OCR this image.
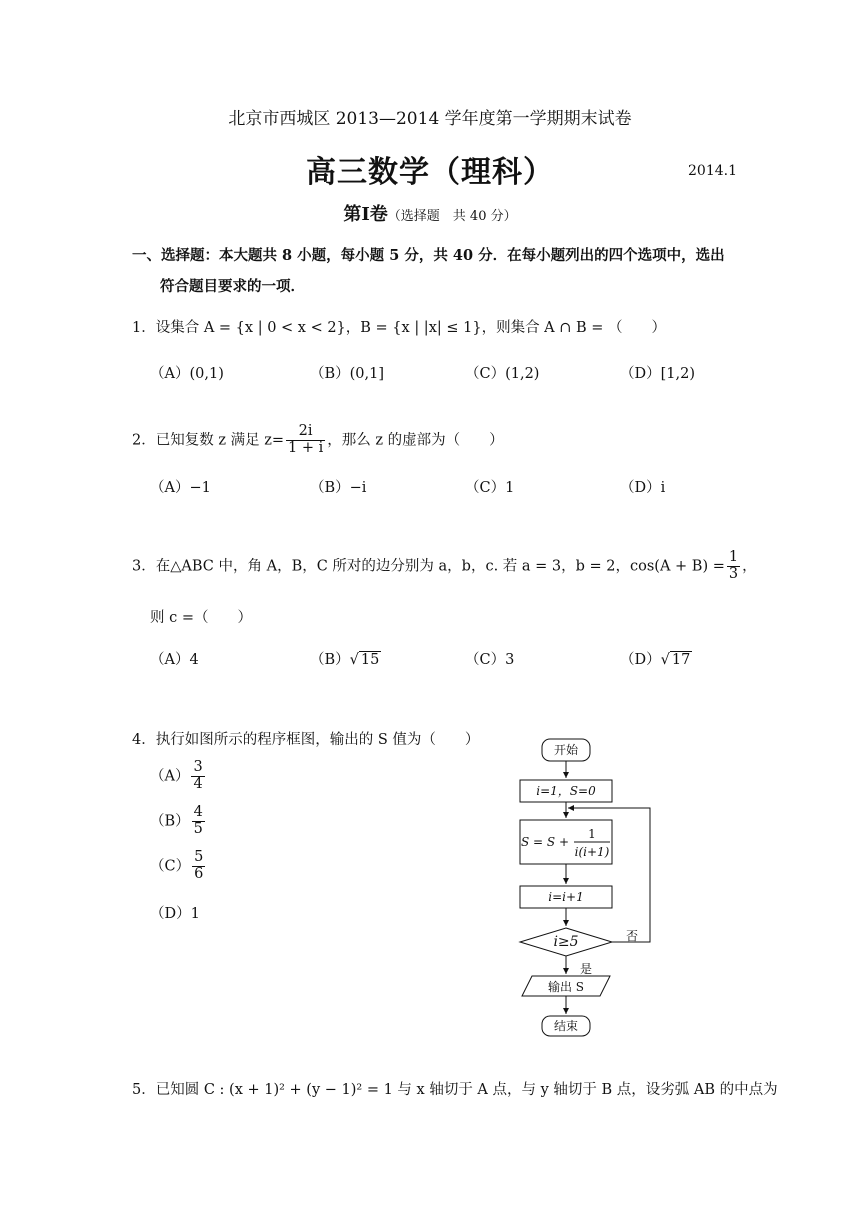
北京市西城区 2013—2014 学年度第一学期期末试卷
高三数学（理科）	2014.1
第Ⅰ卷（选择题　共 40 分）
一、选择题：本大题共 8 小题，每小题 5 分，共 40 分．在每小题列出的四个选项中，选出
符合题目要求的一项．
1．设集合 A = {x | 0 < x < 2}，B = {x | |x| ≤ 1}，则集合 A ∩ B = （　　）
（A）(0,1)	（B）(0,1]	（C）(1,2)	（D）[1,2)
2．已知复数 z 满足 $z= \frac{2i}{1 + i}$ ，那么 z 的虚部为（　　）
（A）−1	（B）−i	（C）1	（D）i
3．在△ABC 中，角 A，B，C 所对的边分别为 a，b，c. 若 a = 3，b = 2，$\cos(A + B) = \frac{1}{3}$ ，
则 c =（　　）
（A）4	（B）√ 15	（C）3	（D）√ 17
4．执行如图所示的程序框图，输出的 S 值为（　　）
$(A) \frac{3}{4}$
$(B) \frac{4}{5}$
$(C) \frac{5}{6}$
（D）1
开始
i=1，S=0
S = S +
1
i(i+1)
i=i+1
i≥5	否
是
输出 S
结束
5．已知圆 C : (x + 1)² + (y − 1)² = 1 与 x 轴切于 A 点，与 y 轴切于 B 点，设劣弧 AB 的中点为
